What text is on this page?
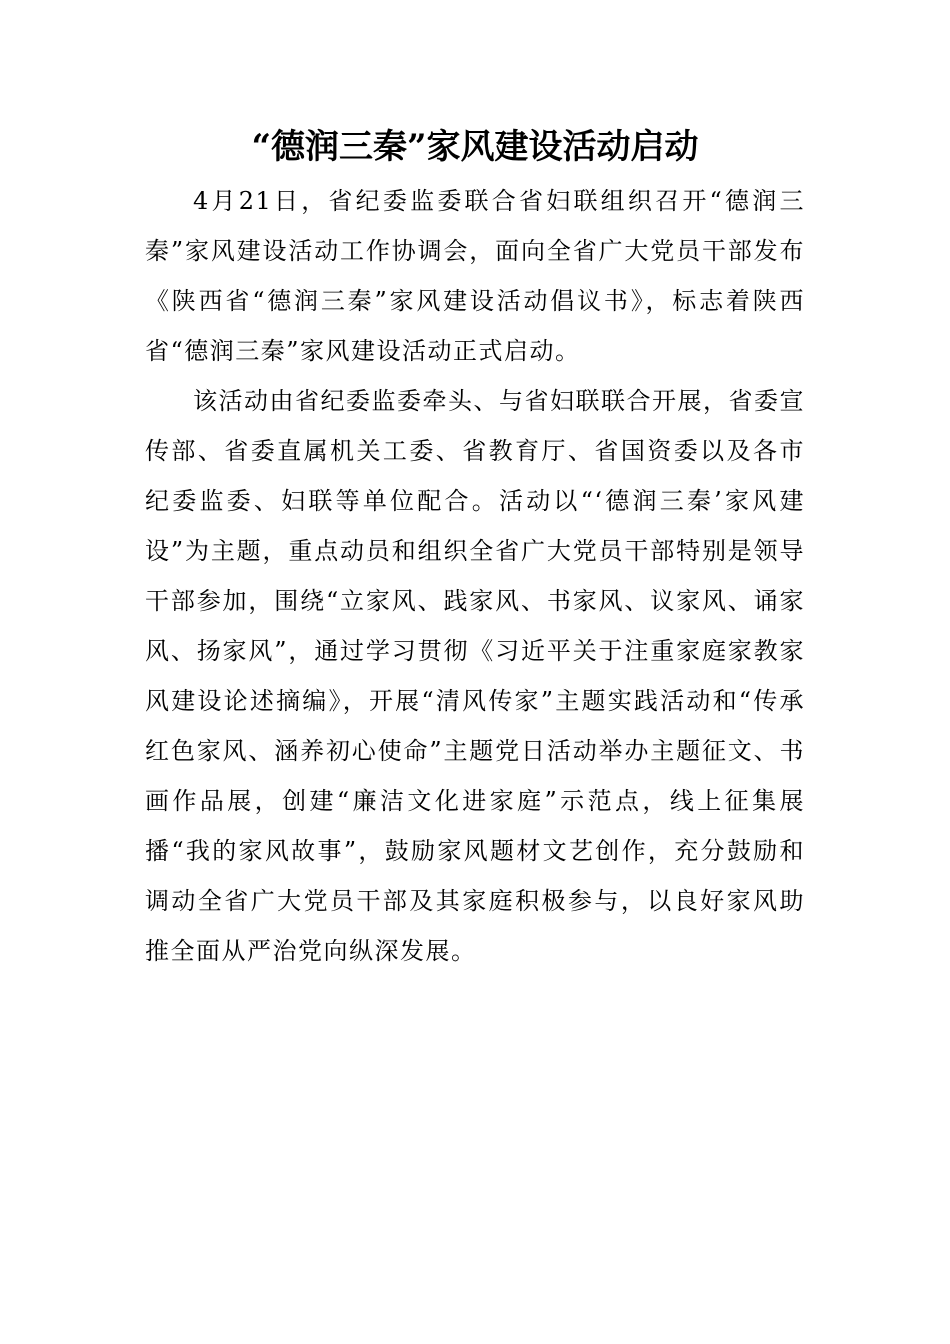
“德润三秦”家风建设活动启动

4月21日，省纪委监委联合省妇联组织召开“德润三秦”家风建设活动工作协调会，面向全省广大党员干部发布《陕西省“德润三秦”家风建设活动倡议书》，标志着陕西省“德润三秦”家风建设活动正式启动。

该活动由省纪委监委牵头、与省妇联联合开展，省委宣传部、省委直属机关工委、省教育厅、省国资委以及各市纪委监委、妇联等单位配合。活动以“‘德润三秦’家风建设”为主题，重点动员和组织全省广大党员干部特别是领导干部参加，围绕“立家风、践家风、书家风、议家风、诵家风、扬家风”，通过学习贯彻《习近平关于注重家庭家教家风建设论述摘编》，开展“清风传家”主题实践活动和“传承红色家风、涵养初心使命”主题党日活动举办主题征文、书画作品展，创建“廉洁文化进家庭”示范点，线上征集展播“我的家风故事”，鼓励家风题材文艺创作，充分鼓励和调动全省广大党员干部及其家庭积极参与，以良好家风助推全面从严治党向纵深发展。
